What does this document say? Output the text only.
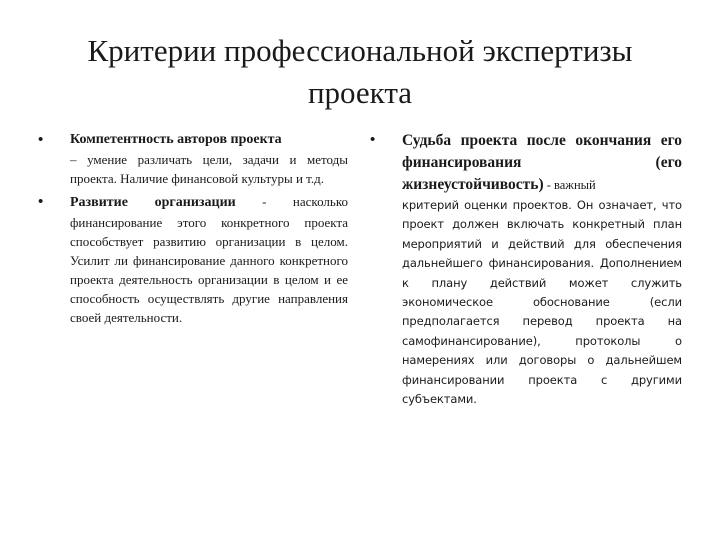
Критерии профессиональной экспертизы проекта
• Компетентность авторов проекта
– умение различать цели, задачи и методы проекта. Наличие финансовой культуры и т.д.
• Развитие организации - насколько финансирование этого конкретного проекта способствует развитию организации в целом. Усилит ли финансирование данного конкретного проекта деятельность организации в целом и ее способность осуществлять другие направления своей деятельности.
• Судьба проекта после окончания его финансирования (его жизнеустойчивость) - важный
критерий оценки проектов. Он означает, что проект должен включать конкретный план мероприятий и действий для обеспечения дальнейшего финансирования. Дополнением к плану действий может служить экономическое обоснование (если предполагается перевод проекта на самофинансирование), протоколы о намерениях или договоры о дальнейшем финансировании проекта с другими субъектами.
